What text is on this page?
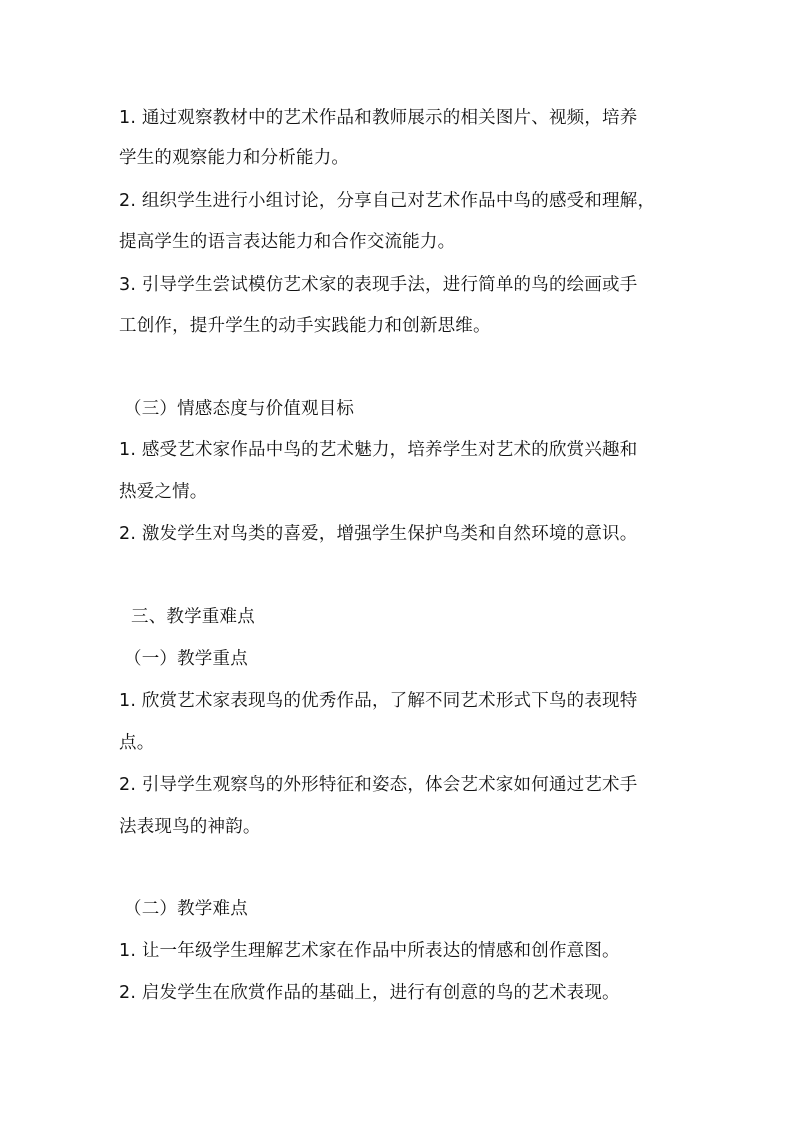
1. 通过观察教材中的艺术作品和教师展示的相关图片、视频，培养
学生的观察能力和分析能力。
2. 组织学生进行小组讨论，分享自己对艺术作品中鸟的感受和理解，
提高学生的语言表达能力和合作交流能力。
3. 引导学生尝试模仿艺术家的表现手法，进行简单的鸟的绘画或手
工创作，提升学生的动手实践能力和创新思维。
（三）情感态度与价值观目标
1. 感受艺术家作品中鸟的艺术魅力，培养学生对艺术的欣赏兴趣和
热爱之情。
2. 激发学生对鸟类的喜爱，增强学生保护鸟类和自然环境的意识。
三、教学重难点
（一）教学重点
1. 欣赏艺术家表现鸟的优秀作品，了解不同艺术形式下鸟的表现特
点。
2. 引导学生观察鸟的外形特征和姿态，体会艺术家如何通过艺术手
法表现鸟的神韵。
（二）教学难点
1. 让一年级学生理解艺术家在作品中所表达的情感和创作意图。
2. 启发学生在欣赏作品的基础上，进行有创意的鸟的艺术表现。
